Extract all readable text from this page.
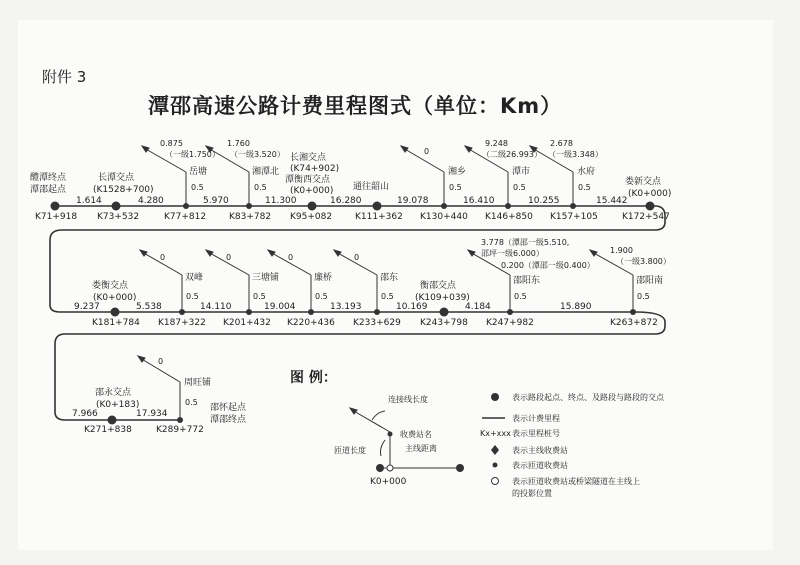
附件 3
潭邵高速公路计费里程图式（单位：Km）
醴潭终点
潭邵起点
长潭交点
(K1528+700)
岳塘	湘潭北
长湘交点
(K74+902)
潭衡西交点
(K0+000) 通往韶山
湘乡	潭市	水府
娄新交点
(K0+000)
0.875
（一级1.750）
1.760
（一级3.520）	0
9.248
（二级26.993）
2.678
（一级3.348）
0.5	0.5	0.5	0.5	0.5
1.614	4.280	5.970	11.300	16.280	19.078	16.410	10.255	15.442
K71+918 K73+532	K77+812	K83+782 K95+082	K111+362 K130+440 K146+850 K157+105	K172+547
0	0	0	0
3.778（潭邵一级5.510,
邵坪一级6.000）
0.200（潭邵一级0.400）
1.900
（一级3.800）
双峰	三塘铺	廉桥	邵东	邵阳东	邵阳南
娄衡交点
(K0+000)
衡邵交点
(K109+039)
0.5	0.5	0.5	0.5	0.5	0.5
9.237	5.538	14.110	19.004	13.193	10.169	4.184	15.890
K181+784 K187+322 K201+432 K220+436 K233+629 K243+798 K247+982	K263+872
0
周旺铺
0.5
邵永交点
(K0+183)
7.966	17.934
K271+838	K289+772
邵怀起点
潭邵终点
图 例：
连接线长度
收费站名
主线距离
匝道长度
K0+000
表示路段起点、终点、及路段与路段的交点
表示计费里程
Kx+xxx 表示里程桩号
表示主线收费站
表示匝道收费站
表示匝道收费站或桥梁隧道在主线上
的投影位置
